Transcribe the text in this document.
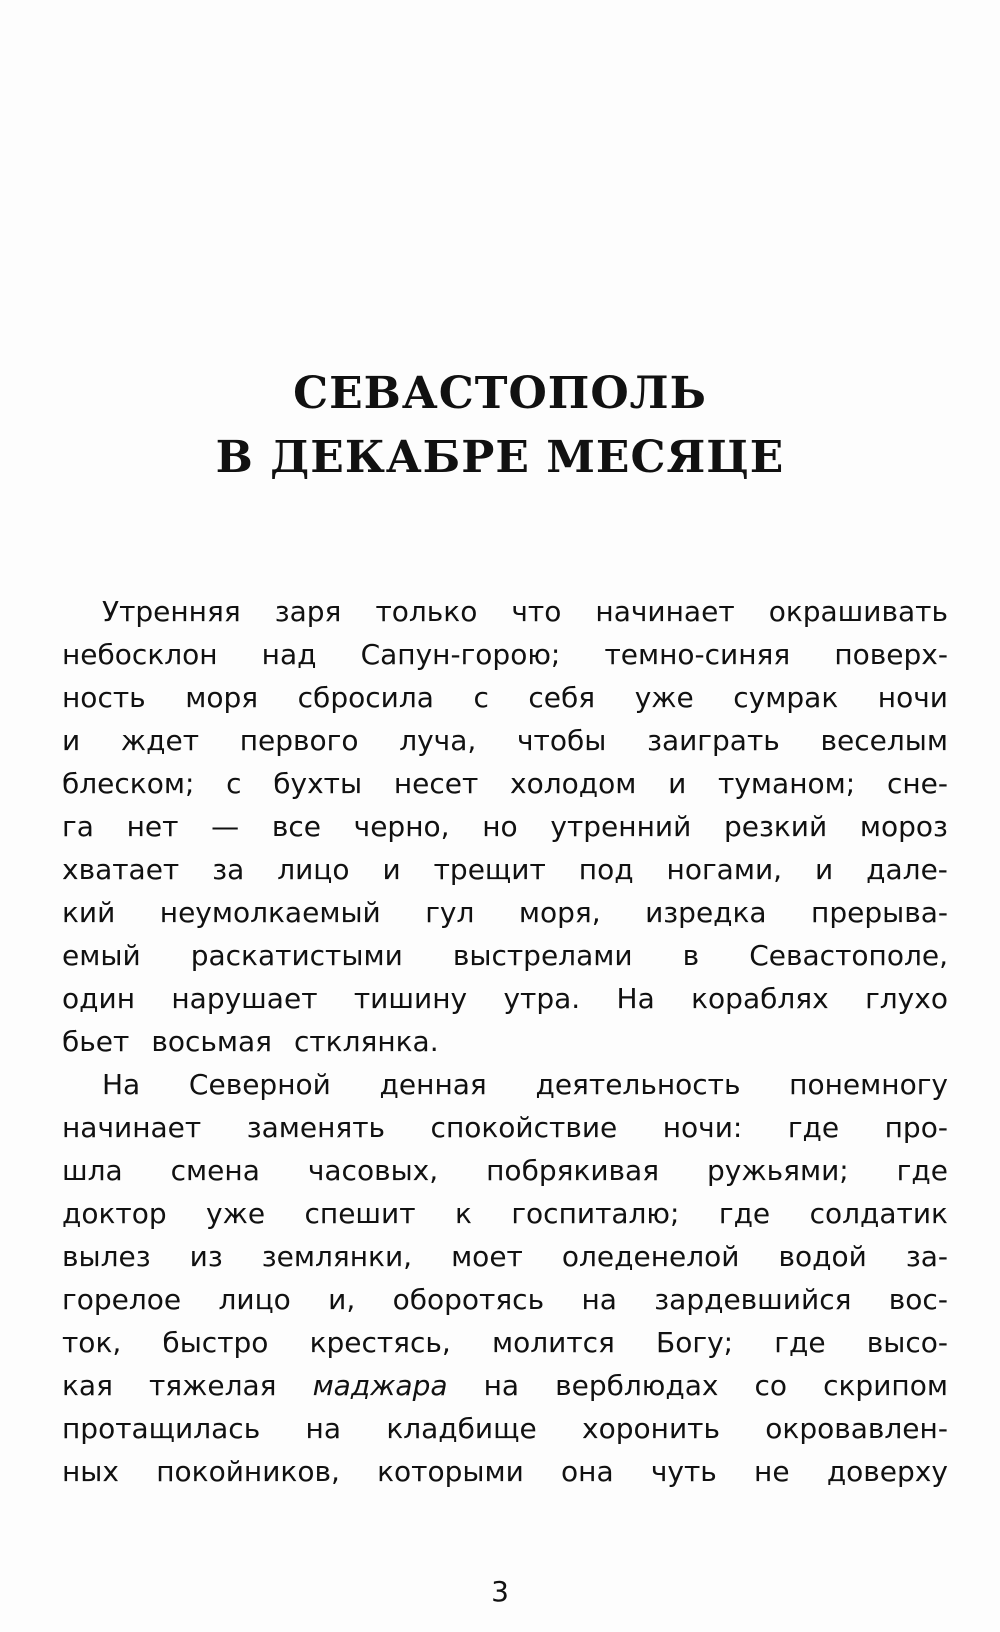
СЕВАСТОПОЛЬ
В ДЕКАБРЕ МЕСЯЦЕ
Утренняя заря только что начинает окрашивать
небосклон над Сапун-горою; темно-синяя поверх-
ность моря сбросила с себя уже сумрак ночи
и ждет первого луча, чтобы заиграть веселым
блеском; с бухты несет холодом и туманом; сне-
га нет — все черно, но утренний резкий мороз
хватает за лицо и трещит под ногами, и дале-
кий неумолкаемый гул моря, изредка прерыва-
емый раскатистыми выстрелами в Севастополе,
один нарушает тишину утра. На кораблях глухо
бьет восьмая стклянка.
На Северной денная деятельность понемногу
начинает заменять спокойствие ночи: где про-
шла смена часовых, побрякивая ружьями; где
доктор уже спешит к госпиталю; где солдатик
вылез из землянки, моет оледенелой водой за-
горелое лицо и, оборотясь на зардевшийся вос-
ток, быстро крестясь, молится Богу; где высо-
кая тяжелая маджара на верблюдах со скрипом
протащилась на кладбище хоронить окровавлен-
ных покойников, которыми она чуть не доверху
3
